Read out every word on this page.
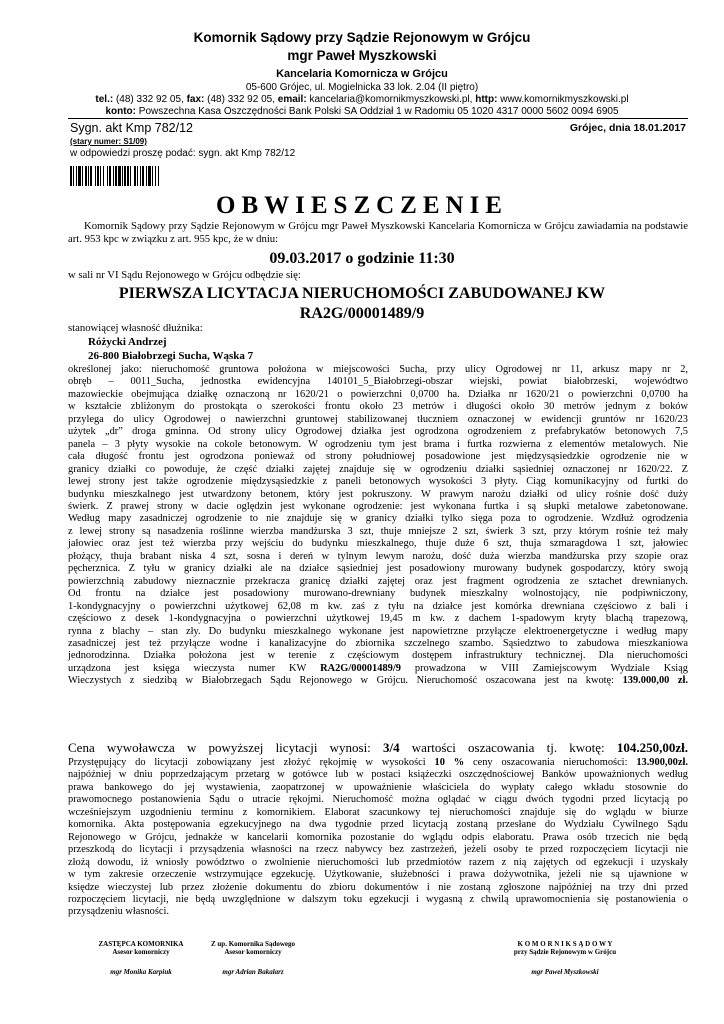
Komornik Sądowy przy Sądzie Rejonowym w Grójcu
mgr Paweł Myszkowski
Kancelaria Komornicza w Grójcu
05-600 Grójec, ul. Mogielnicka 33 lok. 2.04 (II piętro)
tel.: (48) 332 92 05, fax: (48) 332 92 05, email: kancelaria@komornikmyszkowski.pl, http: www.komornikmyszkowski.pl
konto: Powszechna Kasa Oszczędności Bank Polski SA Oddział 1 w Radomiu 05 1020 4317 0000 5602 0094 6905
Sygn. akt Kmp 782/12	Grójec, dnia 18.01.2017
(stary numer: S1/09)
w odpowiedzi proszę podać: sygn. akt Kmp 782/12
OBWIESZCZENIE
Komornik Sądowy przy Sądzie Rejonowym w Grójcu mgr Paweł Myszkowski Kancelaria Komornicza w Grójcu zawiadamia na podstawie art. 953 kpc w związku z art. 955 kpc, że w dniu:
09.03.2017 o godzinie 11:30
w sali nr VI Sądu Rejonowego w Grójcu odbędzie się:
PIERWSZA LICYTACJA NIERUCHOMOŚCI ZABUDOWANEJ KW
RA2G/00001489/9
stanowiącej własność dłużnika:
Różycki Andrzej
26-800 Białobrzegi Sucha, Wąska 7
określonej jako: nieruchomość gruntowa położona w miejscowości Sucha, przy ulicy Ogrodowej nr 11, arkusz mapy nr 2,
obręb – 0011_Sucha, jednostka ewidencyjna 140101_5_Białobrzegi-obszar wiejski, powiat białobrzeski, wojewódtwo
mazowieckie obejmująca działkę oznaczoną nr 1620/21 o powierzchni 0,0700 ha. Działka nr 1620/21 o powierzchni 0,0700 ha
w kształcie zbliżonym do prostokąta o szerokości frontu około 23 metrów i długości około 30 metrów jednym z boków
przylega do ulicy Ogrodowej o nawierzchni gruntowej stabilizowanej tłuczniem oznaczonej w ewidencji gruntów nr 1620/23
użytek „dr” droga gminna. Od strony ulicy Ogrodowej działka jest ogrodzona ogrodzeniem z prefabrykatów betonowych 7,5
panela – 3 płyty wysokie na cokole betonowym. W ogrodzeniu tym jest brama i furtka rozwierna z elementów metalowych. Nie
cała długość frontu jest ogrodzona ponieważ od strony południowej posadowione jest międzysąsiedzkie ogrodzenie nie w
granicy działki co powoduje, że część działki zajętej znajduje się w ogrodzeniu działki sąsiedniej oznaczonej nr 1620/22. Z
lewej strony jest także ogrodzenie międzysąsiedzkie z paneli betonowych wysokości 3 płyty. Ciąg komunikacyjny od furtki do
budynku mieszkalnego jest utwardzony betonem, który jest pokruszony. W prawym narożu działki od ulicy rośnie dość duży
świerk. Z prawej strony w dacie oględzin jest wykonane ogrodzenie: jest wykonana furtka i są słupki metalowe zabetonowane.
Według mapy zasadniczej ogrodzenie to nie znajduje się w granicy działki tylko sięga poza to ogrodzenie. Wzdłuż ogrodzenia
z lewej strony są nasadzenia roślinne wierzba mandżurska 3 szt, thuje mniejsze 2 szt, świerk 3 szt, przy którym rośnie też mały
jałowiec oraz jest też wierzba przy wejściu do budynku mieszkalnego, thuje duże 6 szt, thuja szmaragdowa 1 szt, jałowiec
płożący, thuja brabant niska 4 szt, sosna i dereń w tylnym lewym narożu, dość duża wierzba mandżurska przy szopie oraz
pęcherznica. Z tyłu w granicy działki ale na działce sąsiedniej jest posadowiony murowany budynek gospodarczy, który swoją
powierzchnią zabudowy nieznacznie przekracza granicę działki zajętej oraz jest fragment ogrodzenia ze sztachet drewnianych.
Od frontu na działce jest posadowiony murowano-drewniany budynek mieszkalny wolnostojący, nie podpiwniczony,
1-kondygnacyjny o powierzchni użytkowej 62,08 m kw. zaś z tyłu na działce jest komórka drewniana częściowo z bali i
częściowo z desek 1-kondygnacyjna o powierzchni użytkowej 19,45 m kw. z dachem 1-spadowym kryty blachą trapezową,
rynna z blachy – stan zły. Do budynku mieszkalnego wykonane jest napowietrzne przyłącze elektroenergetyczne i według mapy
zasadniczej jest też przyłącze wodne i kanalizacyjne do zbiornika szczelnego szambo. Sąsiedztwo to zabudowa mieszkaniowa
jednorodzinna. Działka położona jest w terenie z częściowym dostępem infrastruktury technicznej. Dla nieruchomości
urządzona jest księga wieczysta numer KW RA2G/00001489/9 prowadzona w VIII Zamiejscowym Wydziale Ksiąg
Wieczystych z siedzibą w Białobrzegach Sądu Rejonowego w Grójcu. Nieruchomość oszacowana jest na kwotę: 139.000,00 zł.
Cena wywoławcza w powyższej licytacji wynosi: 3/4 wartości oszacowania tj. kwotę: 104.250,00zł.
Przystępujący do licytacji zobowiązany jest złożyć rękojmię w wysokości 10 % ceny oszacowania nieruchomości: 13.900,00zł.
najpóźniej w dniu poprzedzającym przetarg w gotówce lub w postaci książeczki oszczędnościowej Banków upoważnionych według
prawa bankowego do jej wystawienia, zaopatrzonej w upoważnienie właściciela do wypłaty całego wkładu stosownie do
prawomocnego postanowienia Sądu o utracie rękojmi. Nieruchomość można oglądać w ciągu dwóch tygodni przed licytacją po
wcześniejszym uzgodnieniu terminu z komornikiem. Elaborat szacunkowy tej nieruchomości znajduje się do wglądu w biurze
komornika. Akta postępowania egzekucyjnego na dwa tygodnie przed licytacją zostaną przesłane do Wydziału Cywilnego Sądu
Rejonowego w Grójcu, jednakże w kancelarii komornika pozostanie do wglądu odpis elaboratu. Prawa osób trzecich nie będą
przeszkodą do licytacji i przysądzenia własności na rzecz nabywcy bez zastrzeżeń, jeżeli osoby te przed rozpoczęciem licytacji nie
złożą dowodu, iż wniosły powództwo o zwolnienie nieruchomości lub przedmiotów razem z nią zajętych od egzekucji i uzyskały
w tym zakresie orzeczenie wstrzymujące egzekucję. Użytkowanie, służebności i prawa dożywotnika, jeżeli nie są ujawnione w
księdze wieczystej lub przez złożenie dokumentu do zbioru dokumentów i nie zostaną zgłoszone najpóźniej na trzy dni przed
rozpoczęciem licytacji, nie będą uwzględnione w dalszym toku egzekucji i wygasną z chwilą uprawomocnienia się postanowienia o
przysądzeniu własności.
ZASTĘPCA KOMORNIKA
Asesor komorniczy
mgr Monika Karpiuk
Z up. Komornika Sądowego
Asesor komorniczy
mgr Adrian Bakalarz
K O M O R N I K S Ą D O W Y
przy Sądzie Rejonowym w Grójcu
mgr Paweł Myszkowski
